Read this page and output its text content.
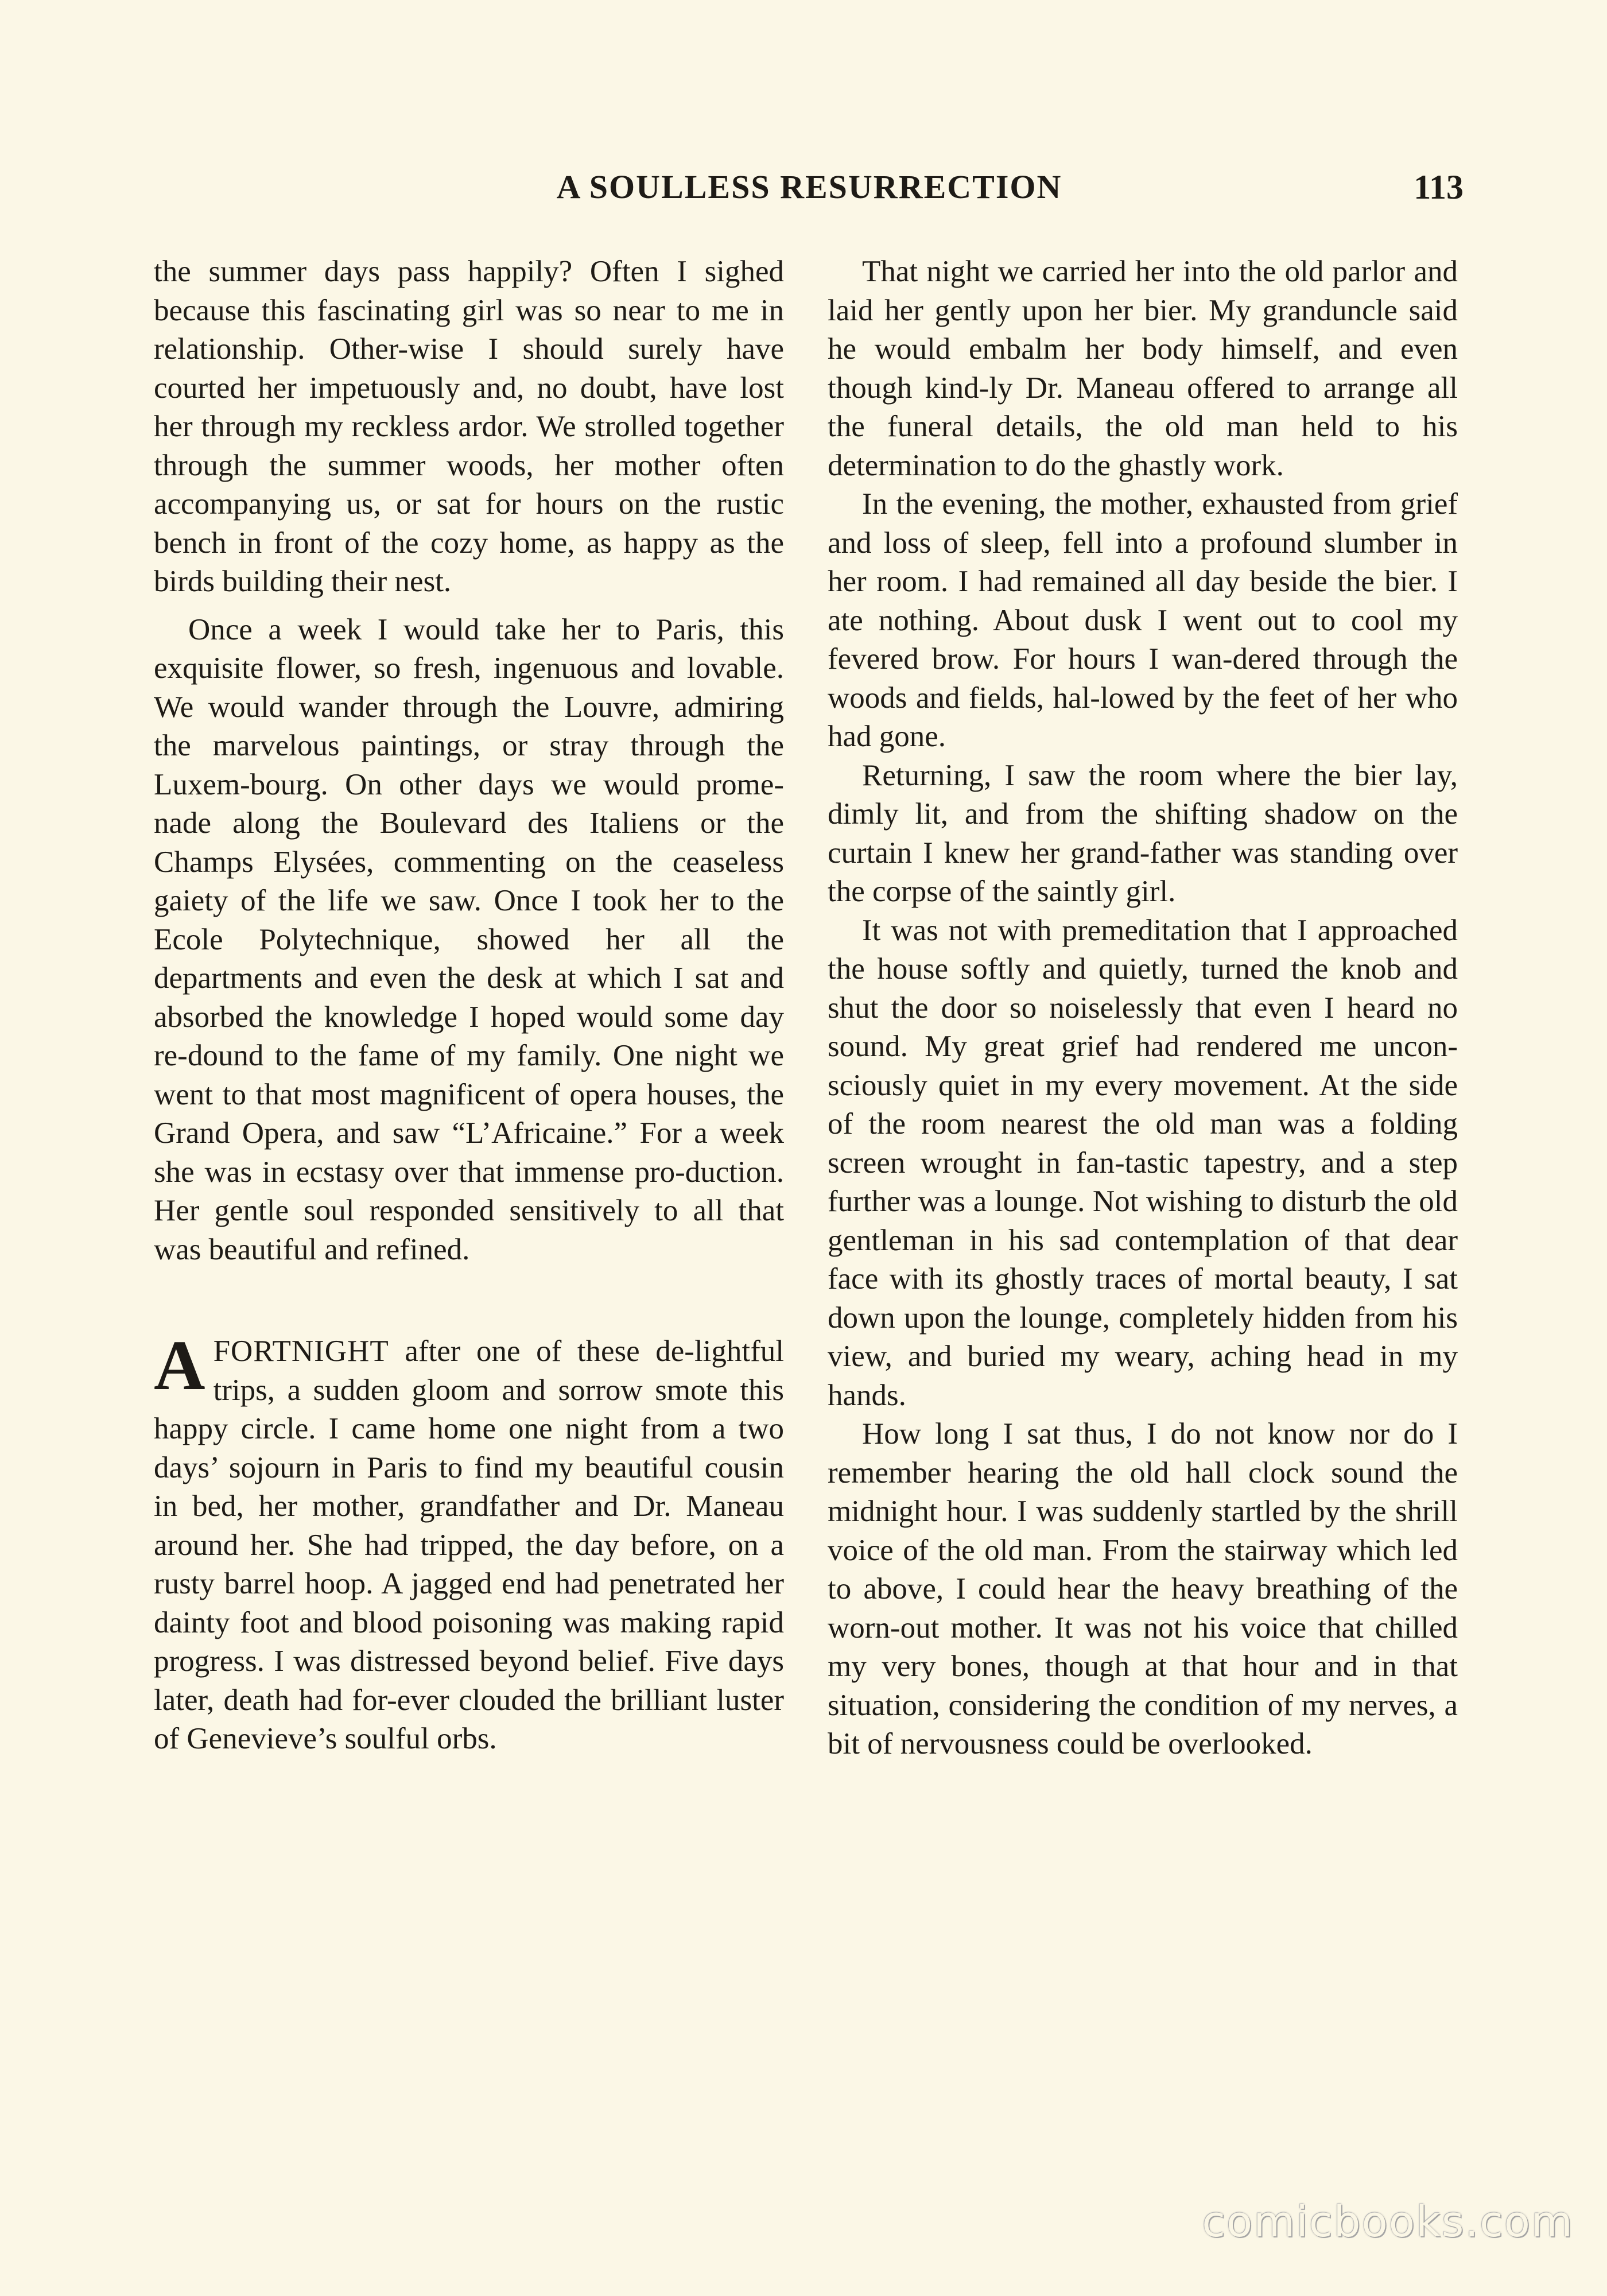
A SOULLESS RESURRECTION	113

the summer days pass happily? Often I sighed because this fascinating girl was so near to me in relationship. Other-wise I should surely have courted her impetuously and, no doubt, have lost her through my reckless ardor. We strolled together through the summer woods, her mother often accompanying us, or sat for hours on the rustic bench in front of the cozy home, as happy as the birds building their nest.

Once a week I would take her to Paris, this exquisite flower, so fresh, ingenuous and lovable. We would wander through the Louvre, admiring the marvelous paintings, or stray through the Luxem-bourg. On other days we would prome-nade along the Boulevard des Italiens or the Champs Elysées, commenting on the ceaseless gaiety of the life we saw. Once I took her to the Ecole Polytechnique, showed her all the departments and even the desk at which I sat and absorbed the knowledge I hoped would some day re-dound to the fame of my family. One night we went to that most magnificent of opera houses, the Grand Opera, and saw “L’Africaine.” For a week she was in ecstasy over that immense pro-duction. Her gentle soul responded sensitively to all that was beautiful and refined.

AFORTNIGHT after one of these de-lightful trips, a sudden gloom and sorrow smote this happy circle. I came home one night from a two days’ sojourn in Paris to find my beautiful cousin in bed, her mother, grandfather and Dr. Maneau around her. She had tripped, the day before, on a rusty barrel hoop. A jagged end had penetrated her dainty foot and blood poisoning was making rapid progress. I was distressed beyond belief. Five days later, death had for-ever clouded the brilliant luster of Genevieve’s soulful orbs.

That night we carried her into the old parlor and laid her gently upon her bier. My granduncle said he would embalm her body himself, and even though kind-ly Dr. Maneau offered to arrange all the funeral details, the old man held to his determination to do the ghastly work.

In the evening, the mother, exhausted from grief and loss of sleep, fell into a profound slumber in her room. I had remained all day beside the bier. I ate nothing. About dusk I went out to cool my fevered brow. For hours I wan-dered through the woods and fields, hal-lowed by the feet of her who had gone.

Returning, I saw the room where the bier lay, dimly lit, and from the shifting shadow on the curtain I knew her grand-father was standing over the corpse of the saintly girl.

It was not with premeditation that I approached the house softly and quietly, turned the knob and shut the door so noiselessly that even I heard no sound. My great grief had rendered me uncon-sciously quiet in my every movement. At the side of the room nearest the old man was a folding screen wrought in fan-tastic tapestry, and a step further was a lounge. Not wishing to disturb the old gentleman in his sad contemplation of that dear face with its ghostly traces of mortal beauty, I sat down upon the lounge, completely hidden from his view, and buried my weary, aching head in my hands.

How long I sat thus, I do not know nor do I remember hearing the old hall clock sound the midnight hour. I was suddenly startled by the shrill voice of the old man. From the stairway which led to above, I could hear the heavy breathing of the worn-out mother. It was not his voice that chilled my very bones, though at that hour and in that situation, considering the condition of my nerves, a bit of nervousness could be overlooked.

comicbooks.com
